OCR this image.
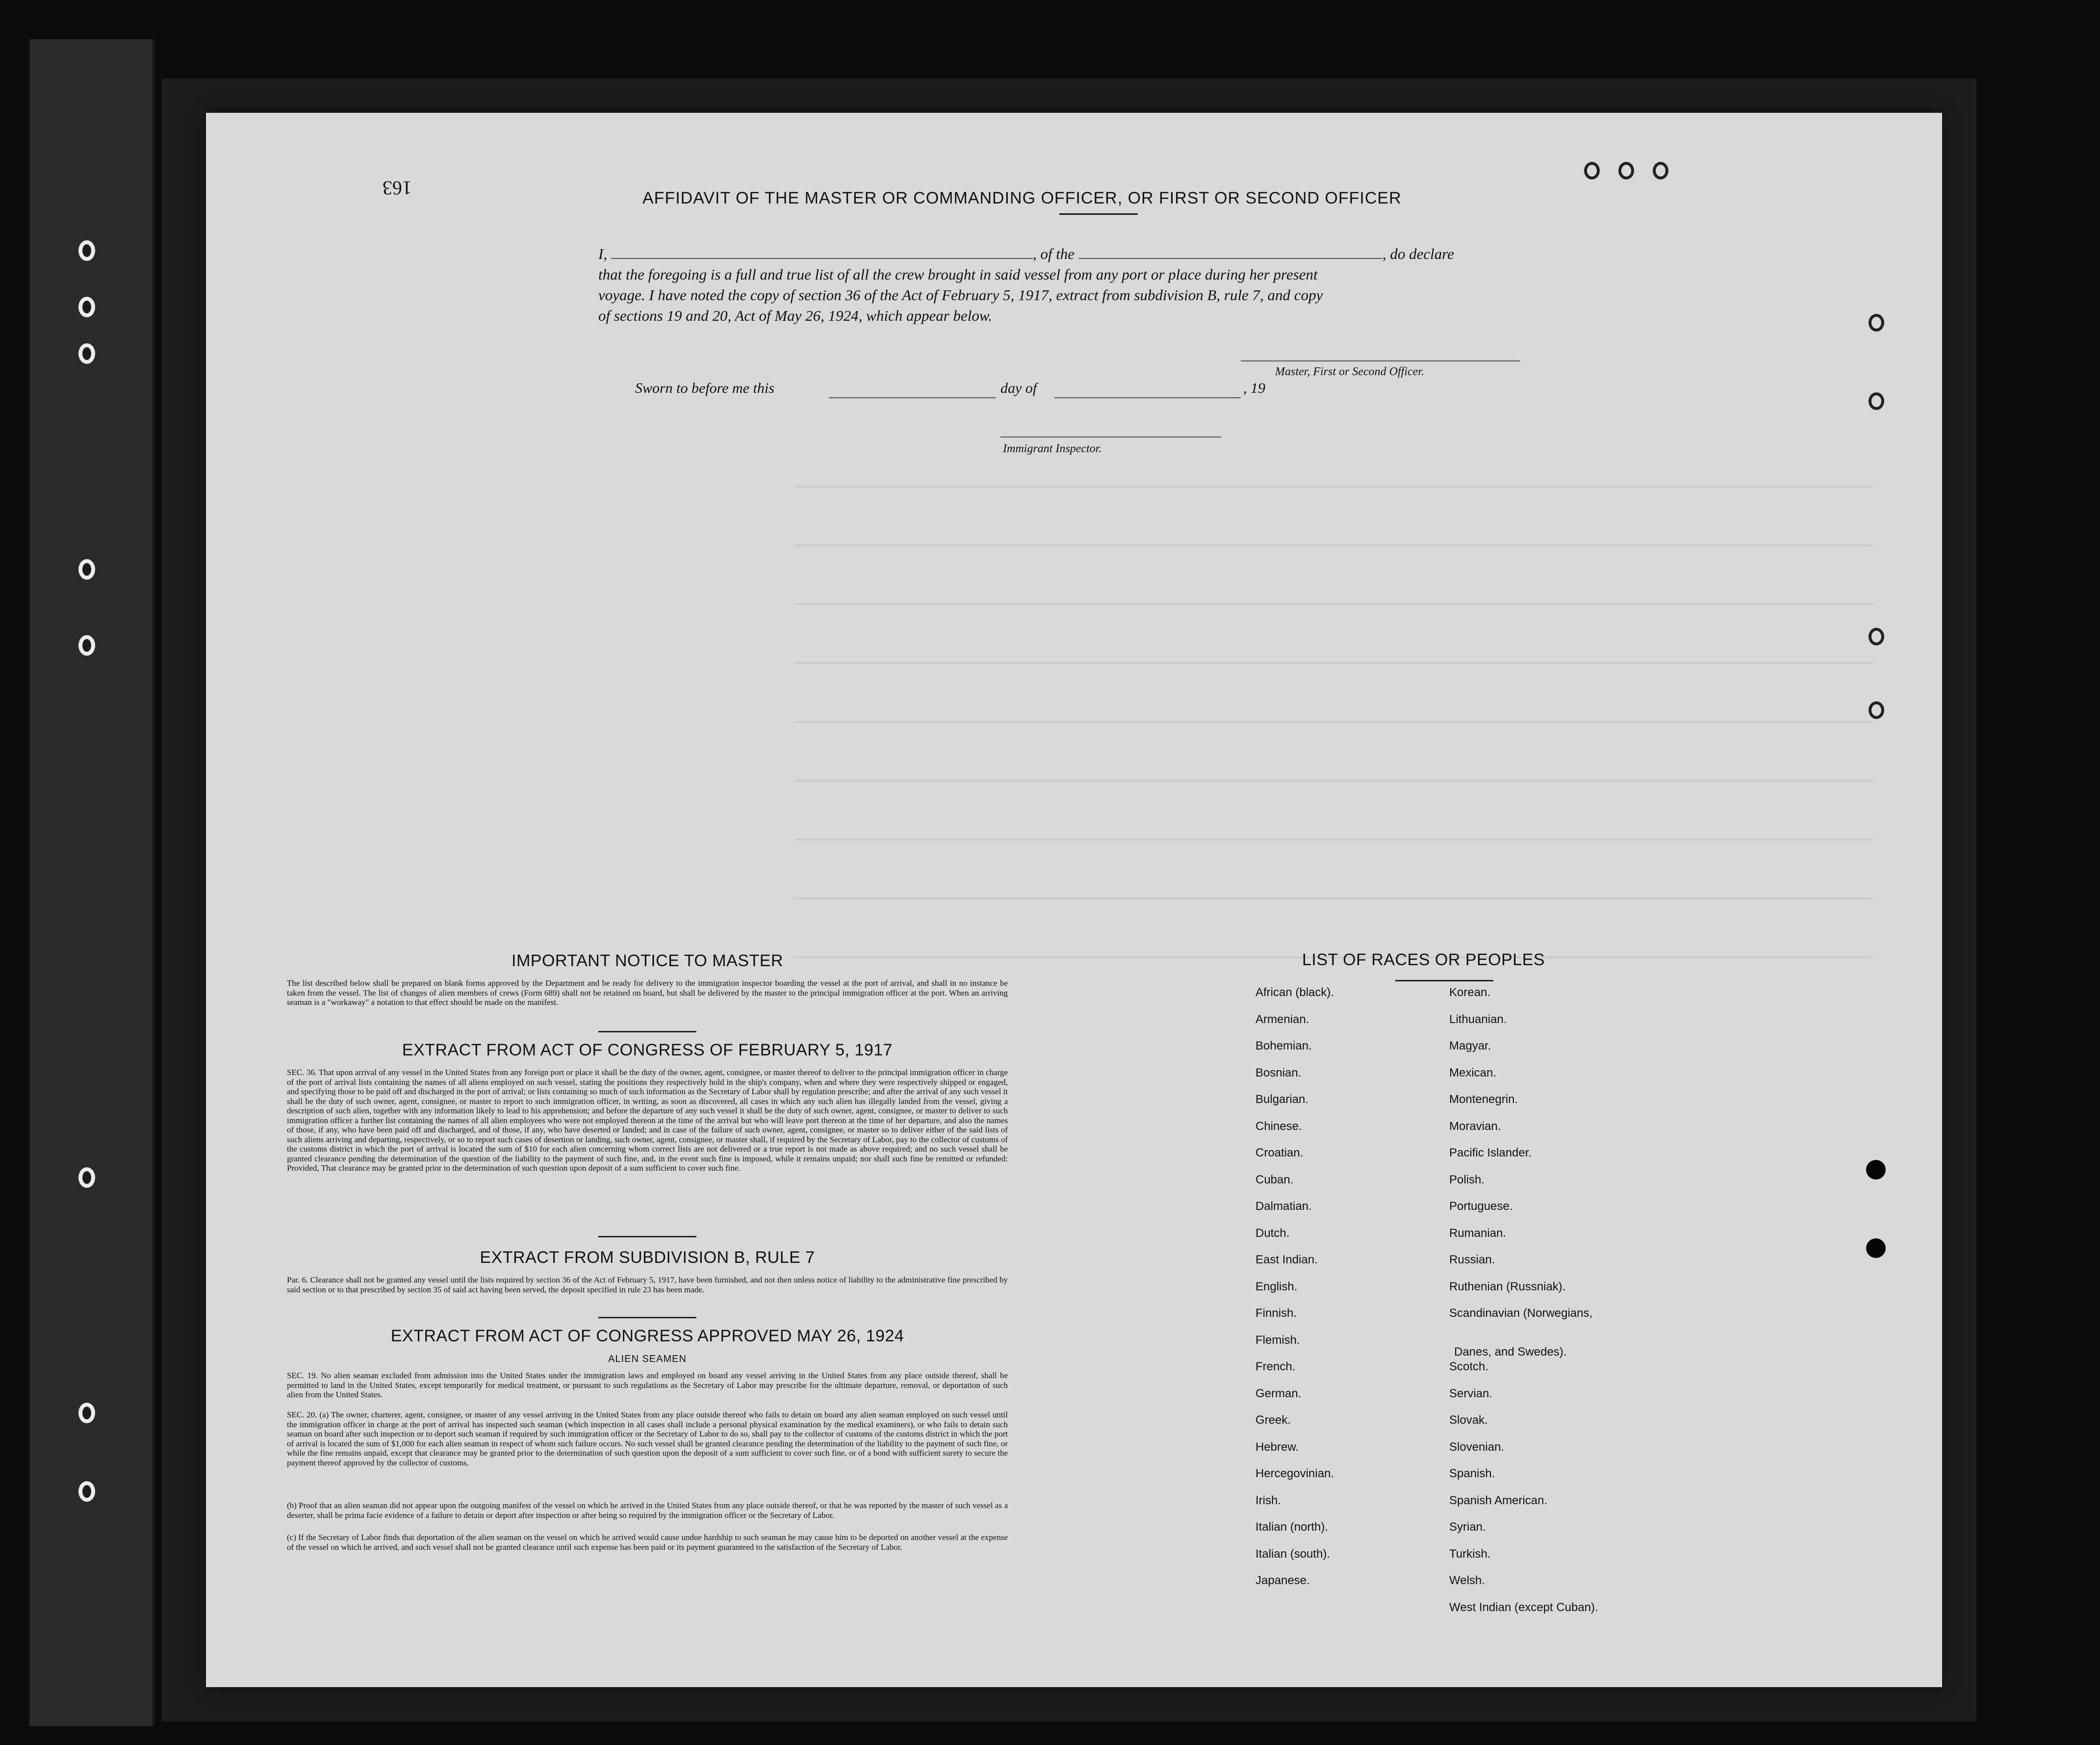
163	AFFIDAVIT OF THE MASTER OR COMMANDING OFFICER, OR FIRST OR SECOND OFFICER
I,	, of the	, do declare
that the foregoing is a full and true list of all the crew brought in said vessel from any port or place during her present
voyage. I have noted the copy of section 36 of the Act of February 5, 1917, extract from subdivision B, rule 7, and copy
of sections 19 and 20, Act of May 26, 1924, which appear below.
Master, First or Second Officer.
Sworn to before me this	day of	, 19
Immigrant Inspector.
IMPORTANT NOTICE TO MASTER
The list described below shall be prepared on blank forms approved by the Department and be ready for delivery to the immigration inspector boarding the vessel at the port of arrival, and shall in no instance be taken from the vessel. The list of changes of alien members of crews (Form 689) shall not be retained on board, but shall be delivered by the master to the principal immigration officer at the port. When an arriving seaman is a "workaway" a notation to that effect should be made on the manifest.
EXTRACT FROM ACT OF CONGRESS OF FEBRUARY 5, 1917
SEC. 36. That upon arrival of any vessel in the United States from any foreign port or place it shall be the duty of the owner, agent, consignee, or master thereof to deliver to the principal immigration officer in charge of the port of arrival lists containing the names of all aliens employed on such vessel, stating the positions they respectively hold in the ship's company, when and where they were respectively shipped or engaged, and specifying those to be paid off and discharged in the port of arrival; or lists containing so much of such information as the Secretary of Labor shall by regulation prescribe; and after the arrival of any such vessel it shall be the duty of such owner, agent, consignee, or master to report to such immigration officer, in writing, as soon as discovered, all cases in which any such alien has illegally landed from the vessel, giving a description of such alien, together with any information likely to lead to his apprehension; and before the departure of any such vessel it shall be the duty of such owner, agent, consignee, or master to deliver to such immigration officer a further list containing the names of all alien employees who were not employed thereon at the time of the arrival but who will leave port thereon at the time of her departure, and also the names of those, if any, who have been paid off and discharged, and of those, if any, who have deserted or landed; and in case of the failure of such owner, agent, consignee, or master so to deliver either of the said lists of such aliens arriving and departing, respectively, or so to report such cases of desertion or landing, such owner, agent, consignee, or master shall, if required by the Secretary of Labor, pay to the collector of customs of the customs district in which the port of arrival is located the sum of $10 for each alien concerning whom correct lists are not delivered or a true report is not made as above required; and no such vessel shall be granted clearance pending the determination of the question of the liability to the payment of such fine, and, in the event such fine is imposed, while it remains unpaid; nor shall such fine be remitted or refunded: Provided, That clearance may be granted prior to the determination of such question upon deposit of a sum sufficient to cover such fine.
EXTRACT FROM SUBDIVISION B, RULE 7
Par. 6. Clearance shall not be granted any vessel until the lists required by section 36 of the Act of February 5, 1917, have been furnished, and not then unless notice of liability to the administrative fine prescribed by said section or to that prescribed by section 35 of said act having been served, the deposit specified in rule 23 has been made.
EXTRACT FROM ACT OF CONGRESS APPROVED MAY 26, 1924
ALIEN SEAMEN
SEC. 19. No alien seaman excluded from admission into the United States under the immigration laws and employed on board any vessel arriving in the United States from any place outside thereof, shall be permitted to land in the United States, except temporarily for medical treatment, or pursuant to such regulations as the Secretary of Labor may prescribe for the ultimate departure, removal, or deportation of such alien from the United States.
SEC. 20. (a) The owner, charterer, agent, consignee, or master of any vessel arriving in the United States from any place outside thereof who fails to detain on board any alien seaman employed on such vessel until the immigration officer in charge at the port of arrival has inspected such seaman (which inspection in all cases shall include a personal physical examination by the medical examiners), or who fails to detain such seaman on board after such inspection or to deport such seaman if required by such immigration officer or the Secretary of Labor to do so, shall pay to the collector of customs of the customs district in which the port of arrival is located the sum of $1,000 for each alien seaman in respect of whom such failure occurs. No such vessel shall be granted clearance pending the determination of the liability to the payment of such fine, or while the fine remains unpaid, except that clearance may be granted prior to the determination of such question upon the deposit of a sum sufficient to cover such fine, or of a bond with sufficient surety to secure the payment thereof approved by the collector of customs.
(b) Proof that an alien seaman did not appear upon the outgoing manifest of the vessel on which he arrived in the United States from any place outside thereof, or that he was reported by the master of such vessel as a deserter, shall be prima facie evidence of a failure to detain or deport after inspection or after being so required by the immigration officer or the Secretary of Labor.
(c) If the Secretary of Labor finds that deportation of the alien seaman on the vessel on which he arrived would cause undue hardship to such seaman he may cause him to be deported on another vessel at the expense of the vessel on which he arrived, and such vessel shall not be granted clearance until such expense has been paid or its payment guaranteed to the satisfaction of the Secretary of Labor.
LIST OF RACES OR PEOPLES
African (black).
Armenian.
Bohemian.
Bosnian.
Bulgarian.
Chinese.
Croatian.
Cuban.
Dalmatian.
Dutch.
East Indian.
English.
Finnish.
Flemish.
French.
German.
Greek.
Hebrew.
Hercegovinian.
Irish.
Italian (north).
Italian (south).
Japanese.
Korean.
Lithuanian.
Magyar.
Mexican.
Montenegrin.
Moravian.
Pacific Islander.
Polish.
Portuguese.
Rumanian.
Russian.
Ruthenian (Russniak).
Scandinavian (Norwegians,
Danes, and Swedes).
Scotch.
Servian.
Slovak.
Slovenian.
Spanish.
Spanish American.
Syrian.
Turkish.
Welsh.
West Indian (except Cuban).
